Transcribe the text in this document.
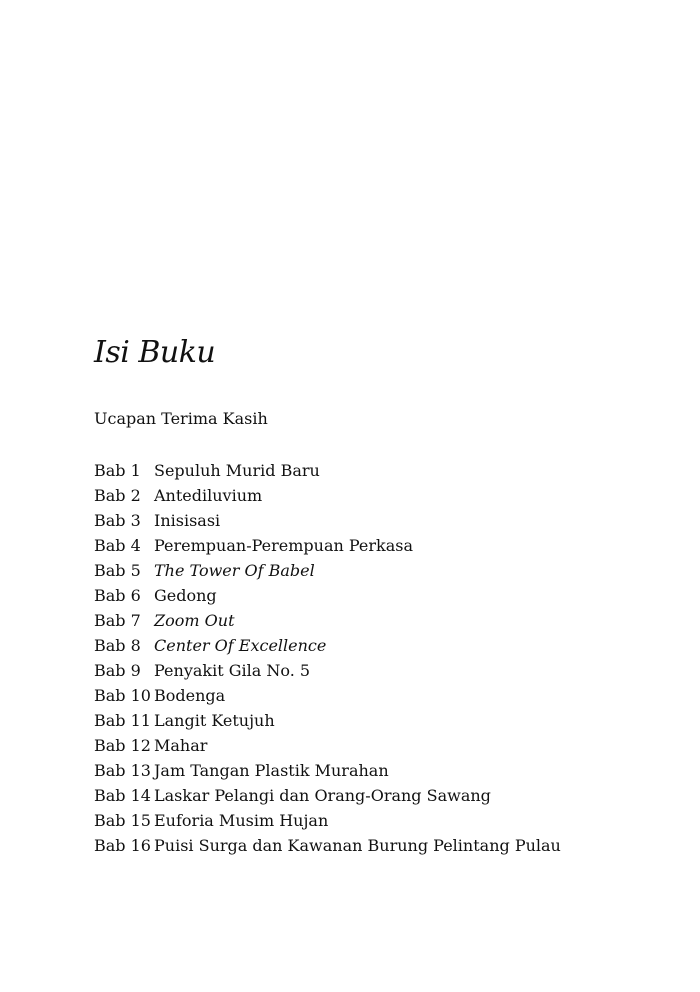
Isi Buku
Ucapan Terima Kasih
Bab 1 Sepuluh Murid Baru
Bab 2 Antediluvium
Bab 3 Inisisasi
Bab 4 Perempuan-Perempuan Perkasa
Bab 5 The Tower Of Babel
Bab 6 Gedong
Bab 7 Zoom Out
Bab 8 Center Of Excellence
Bab 9 Penyakit Gila No. 5
Bab 10 Bodenga
Bab 11 Langit Ketujuh
Bab 12 Mahar
Bab 13 Jam Tangan Plastik Murahan
Bab 14 Laskar Pelangi dan Orang-Orang Sawang
Bab 15 Euforia Musim Hujan
Bab 16 Puisi Surga dan Kawanan Burung Pelintang Pulau
